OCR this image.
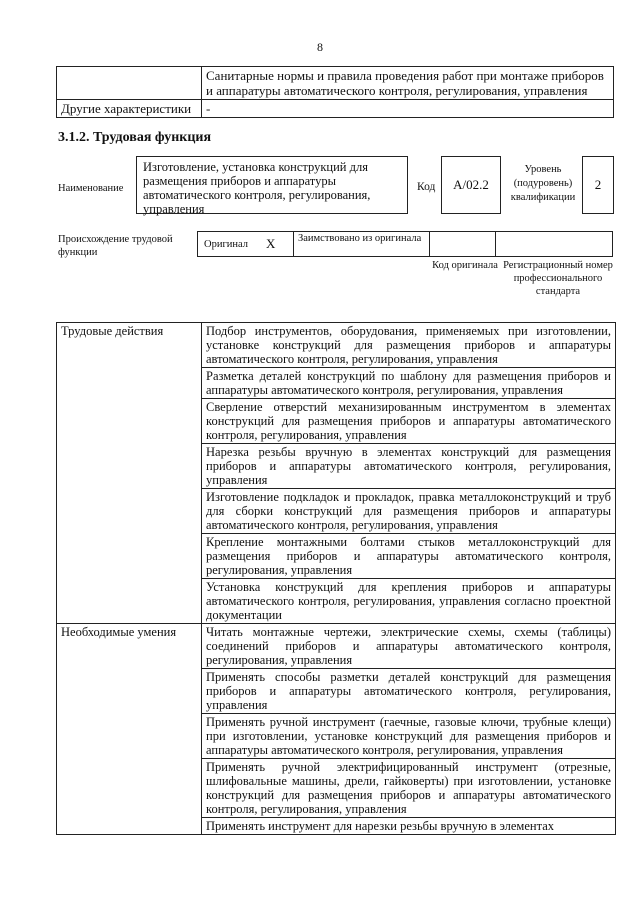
8
	Санитарные нормы и правила проведения работ при монтаже приборов и аппаратуры автоматического контроля, регулирования, управления
Другие характеристики	-
3.1.2. Трудовая функция
Наименование
Изготовление, установка конструкций для размещения приборов и аппаратуры автоматического контроля, регулирования, управления
Код	A/02.2
Уровень (подуровень) квалификации
2
Происхождение трудовой функции
Оригинал X	Заимствовано из оригинала
Код оригинала Регистрационный номер профессионального стандарта
Трудовые действия	Подбор инструментов, оборудования, применяемых при изготовлении, установке конструкций для размещения приборов и аппаратуры автоматического контроля, регулирования, управления
	Разметка деталей конструкций по шаблону для размещения приборов и аппаратуры автоматического контроля, регулирования, управления
	Сверление отверстий механизированным инструментом в элементах конструкций для размещения приборов и аппаратуры автоматического контроля, регулирования, управления
	Нарезка резьбы вручную в элементах конструкций для размещения приборов и аппаратуры автоматического контроля, регулирования, управления
	Изготовление подкладок и прокладок, правка металлоконструкций и труб для сборки конструкций для размещения приборов и аппаратуры автоматического контроля, регулирования, управления
	Крепление монтажными болтами стыков металлоконструкций для размещения приборов и аппаратуры автоматического контроля, регулирования, управления
	Установка конструкций для крепления приборов и аппаратуры автоматического контроля, регулирования, управления согласно проектной документации
Необходимые умения	Читать монтажные чертежи, электрические схемы, схемы (таблицы) соединений приборов и аппаратуры автоматического контроля, регулирования, управления
	Применять способы разметки деталей конструкций для размещения приборов и аппаратуры автоматического контроля, регулирования, управления
	Применять ручной инструмент (гаечные, газовые ключи, трубные клещи) при изготовлении, установке конструкций для размещения приборов и аппаратуры автоматического контроля, регулирования, управления
	Применять ручной электрифицированный инструмент (отрезные, шлифовальные машины, дрели, гайковерты) при изготовлении, установке конструкций для размещения приборов и аппаратуры автоматического контроля, регулирования, управления
	Применять инструмент для нарезки резьбы вручную в элементах
